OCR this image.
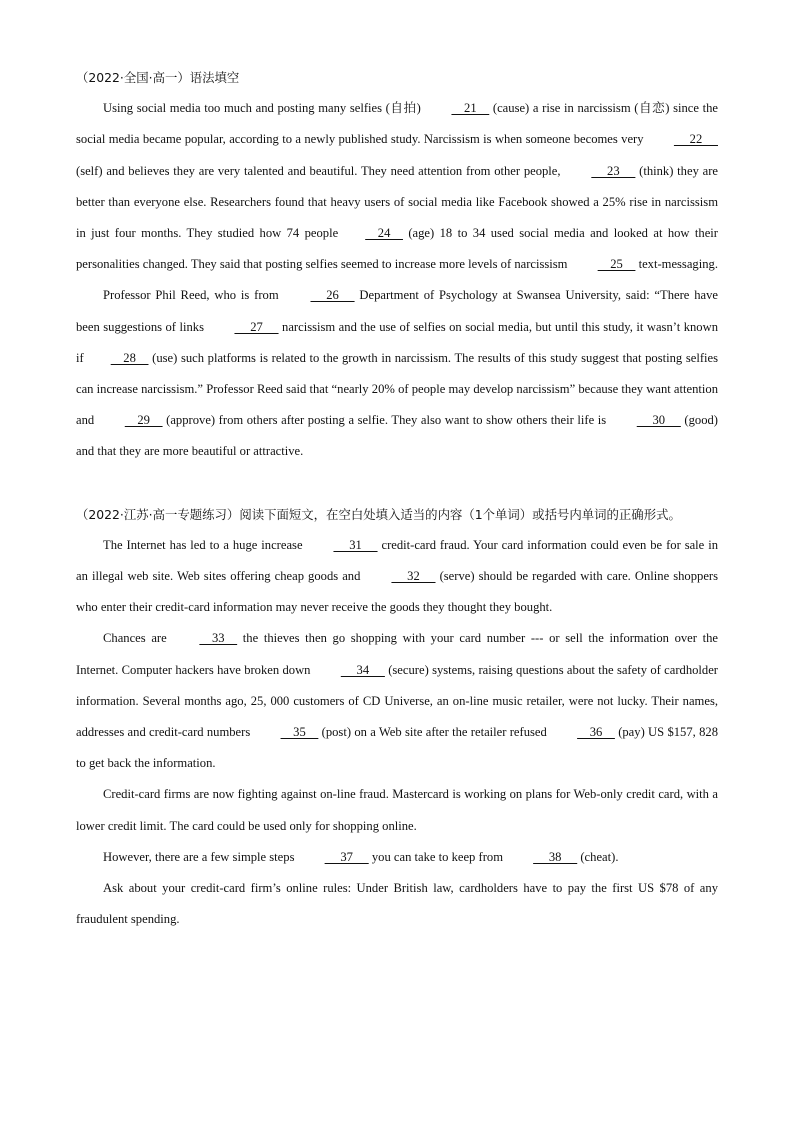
（2022·全国·高一）语法填空
Using social media too much and posting many selfies (自拍)     21     (cause) a rise in narcissism (自恋) since the social media became popular, according to a newly published study. Narcissism is when someone becomes very      22      (self) and believes they are very talented and beautiful. They need attention from other people,      23      (think) they are better than everyone else. Researchers found that heavy users of social media like Facebook showed a 25% rise in narcissism in just four months. They studied how 74 people    24     (age) 18 to 34 used social media and looked at how their personalities changed. They said that posting selfies seemed to increase more levels of narcissism     25     text-messaging.
Professor Phil Reed, who is from      26      Department of Psychology at Swansea University, said: “There have been suggestions of links      27      narcissism and the use of selfies on social media, but until this study, it wasn’t known if    28     (use) such platforms is related to the growth in narcissism. The results of this study suggest that posting selfies can increase narcissism.” Professor Reed said that “nearly 20% of people may develop narcissism” because they want attention and     29     (approve) from others after posting a selfie. They also want to show others their life is      30      (good) and that they are more beautiful or attractive.
（2022·江苏·高一专题练习）阅读下面短文，在空白处填入适当的内容（1个单词）或括号内单词的正确形式。
The Internet has led to a huge increase      31      credit-card fraud. Your card information could even be for sale in an illegal web site. Web sites offering cheap goods and      32      (serve) should be regarded with care. Online shoppers who enter their credit-card information may never receive the goods they thought they bought.
Chances are     33     the thieves then go shopping with your card number --- or sell the information over the Internet. Computer hackers have broken down      34      (secure) systems, raising questions about the safety of cardholder information. Several months ago, 25, 000 customers of CD Universe, an on-line music retailer, were not lucky. Their names, addresses and credit-card numbers     35     (post) on a Web site after the retailer refused     36     (pay) US $157, 828 to get back the information.
Credit-card firms are now fighting against on-line fraud. Mastercard is working on plans for Web-only credit card, with a lower credit limit. The card could be used only for shopping online.
However, there are a few simple steps      37      you can take to keep from      38      (cheat).
Ask about your credit-card firm’s online rules: Under British law, cardholders have to pay the first US $78 of any fraudulent spending.
